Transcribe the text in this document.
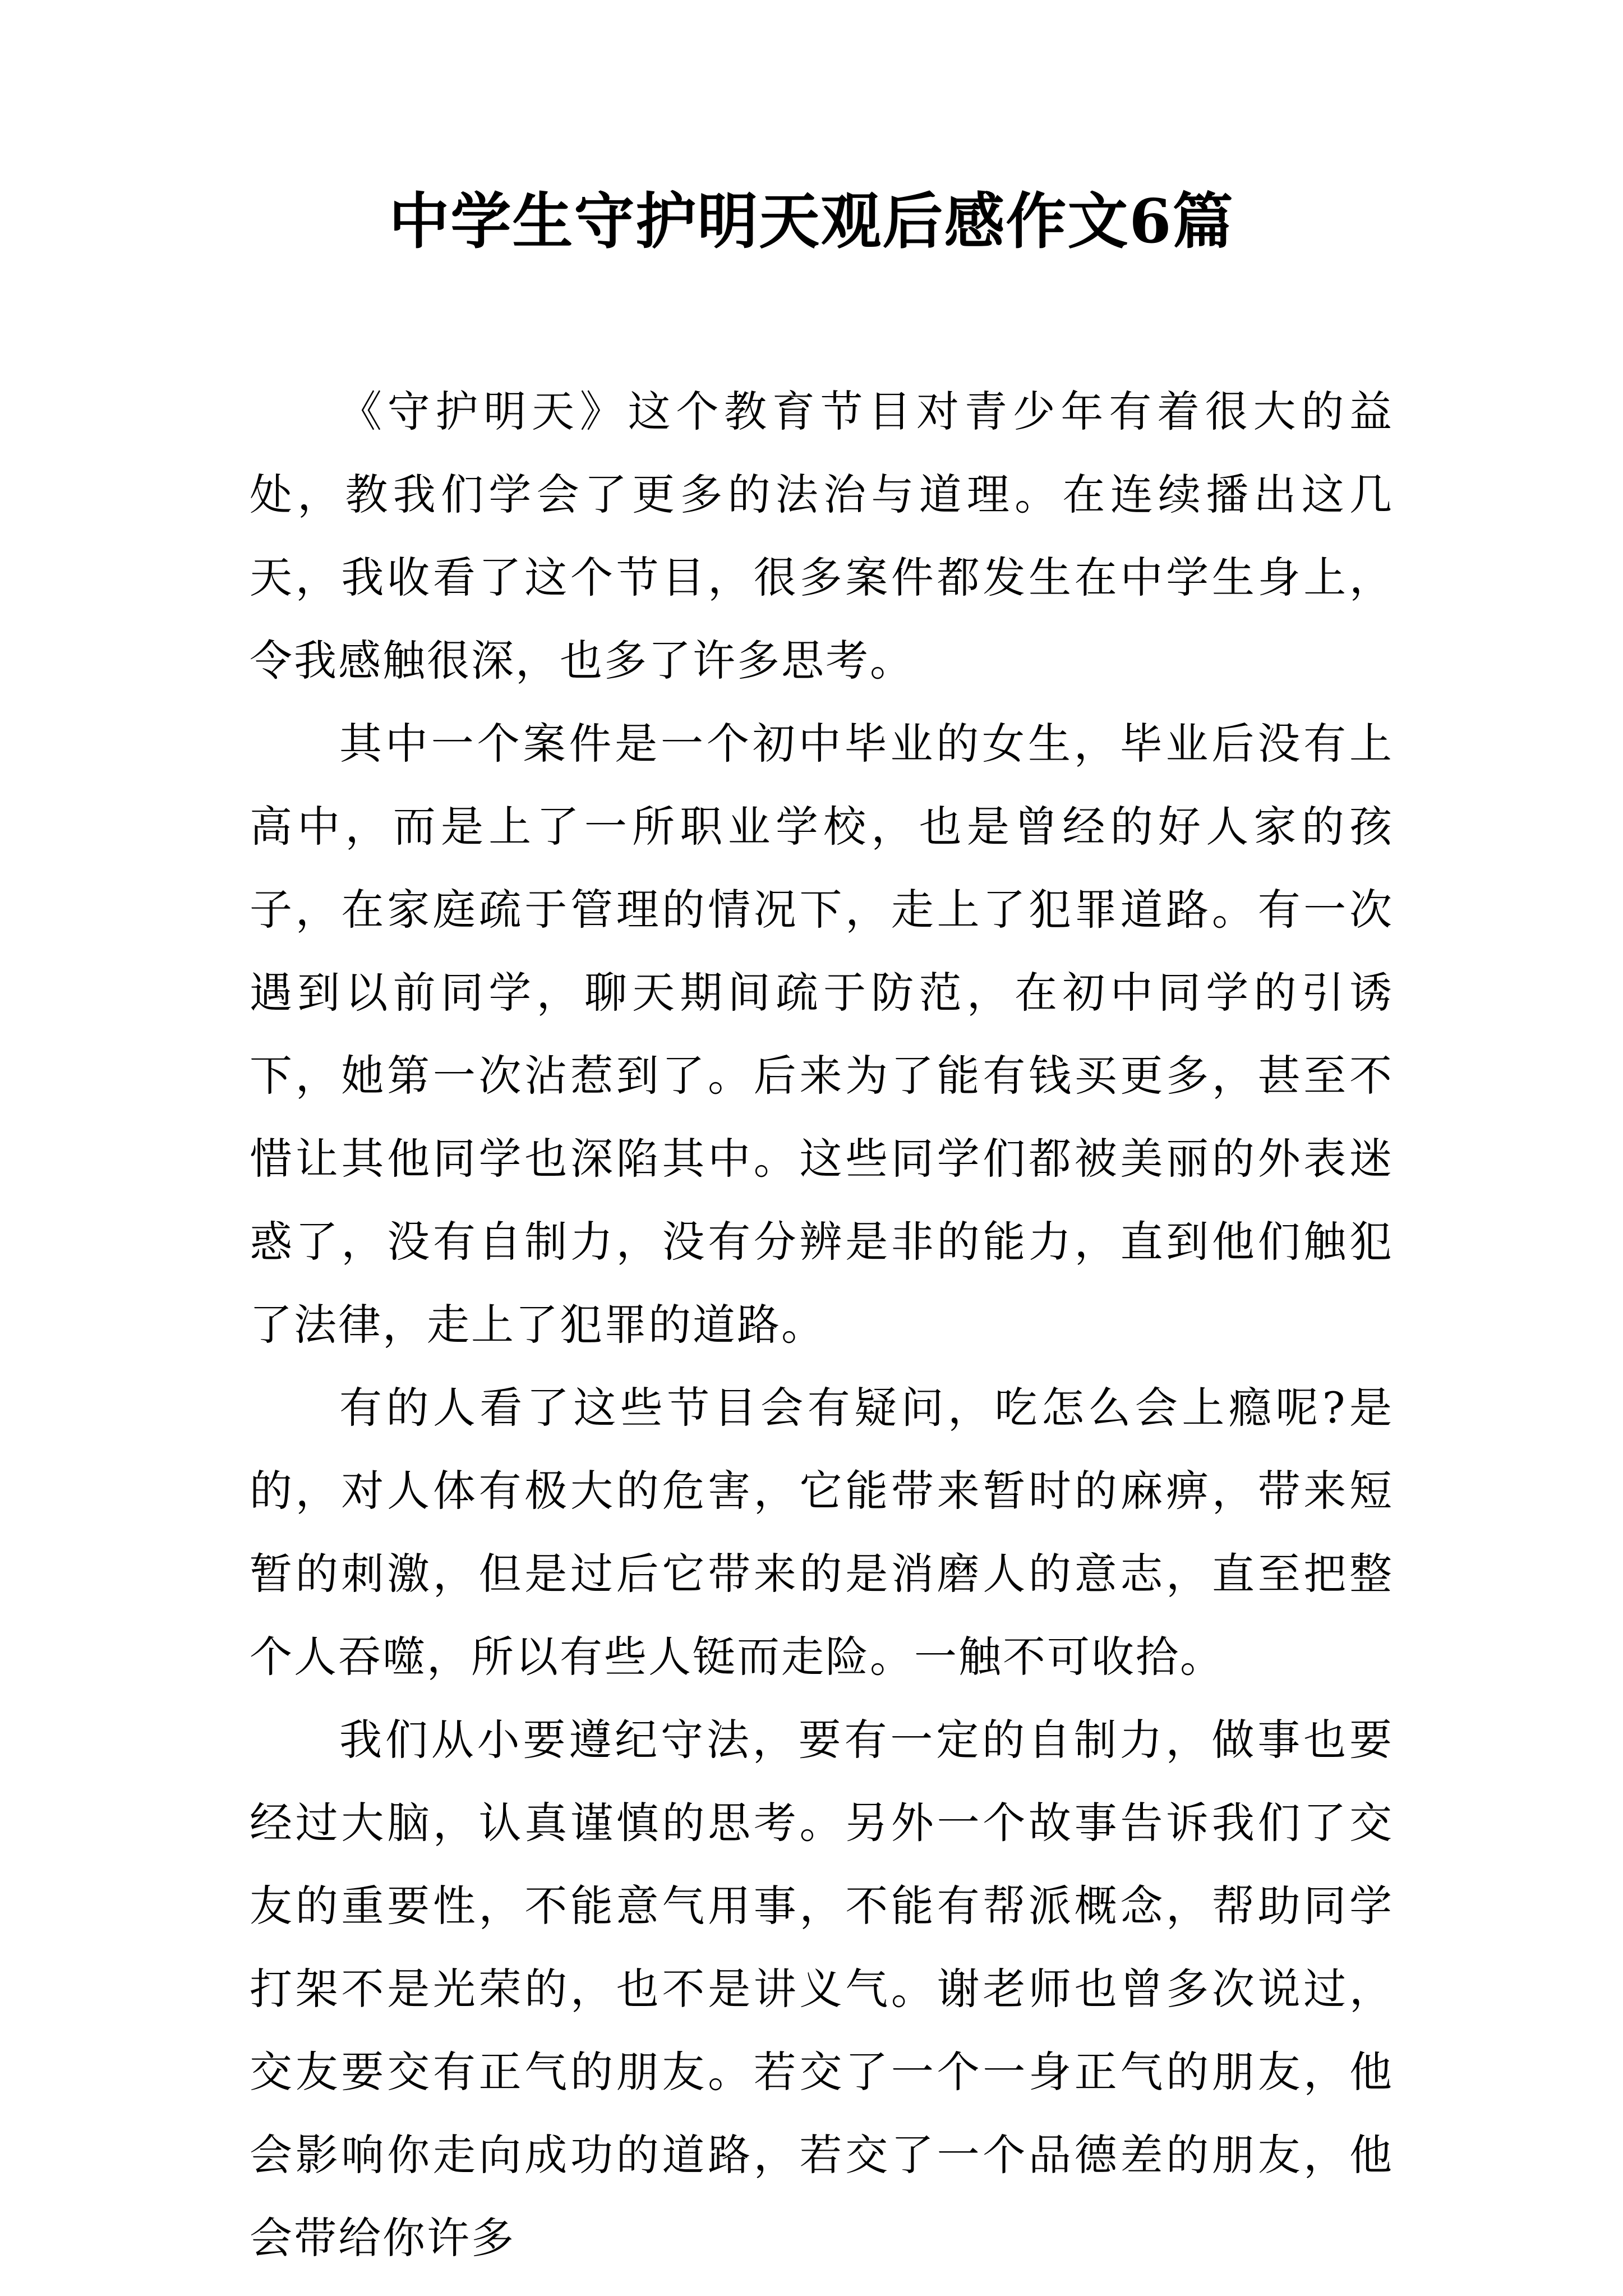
中学生守护明天观后感作文6篇

《守护明天》这个教育节目对青少年有着很大的益处，教我们学会了更多的法治与道理。在连续播出这几天，我收看了这个节目，很多案件都发生在中学生身上，令我感触很深，也多了许多思考。

其中一个案件是一个初中毕业的女生，毕业后没有上高中，而是上了一所职业学校，也是曾经的好人家的孩子，在家庭疏于管理的情况下，走上了犯罪道路。有一次遇到以前同学，聊天期间疏于防范，在初中同学的引诱下，她第一次沾惹到了。后来为了能有钱买更多，甚至不惜让其他同学也深陷其中。这些同学们都被美丽的外表迷惑了，没有自制力，没有分辨是非的能力，直到他们触犯了法律，走上了犯罪的道路。

有的人看了这些节目会有疑问，吃怎么会上瘾呢?是的，对人体有极大的危害，它能带来暂时的麻痹，带来短暂的刺激，但是过后它带来的是消磨人的意志，直至把整个人吞噬，所以有些人铤而走险。一触不可收拾。

我们从小要遵纪守法，要有一定的自制力，做事也要经过大脑，认真谨慎的思考。另外一个故事告诉我们了交友的重要性，不能意气用事，不能有帮派概念，帮助同学打架不是光荣的，也不是讲义气。谢老师也曾多次说过，交友要交有正气的朋友。若交了一个一身正气的朋友，他会影响你走向成功的道路，若交了一个品德差的朋友，他会带给你许多
